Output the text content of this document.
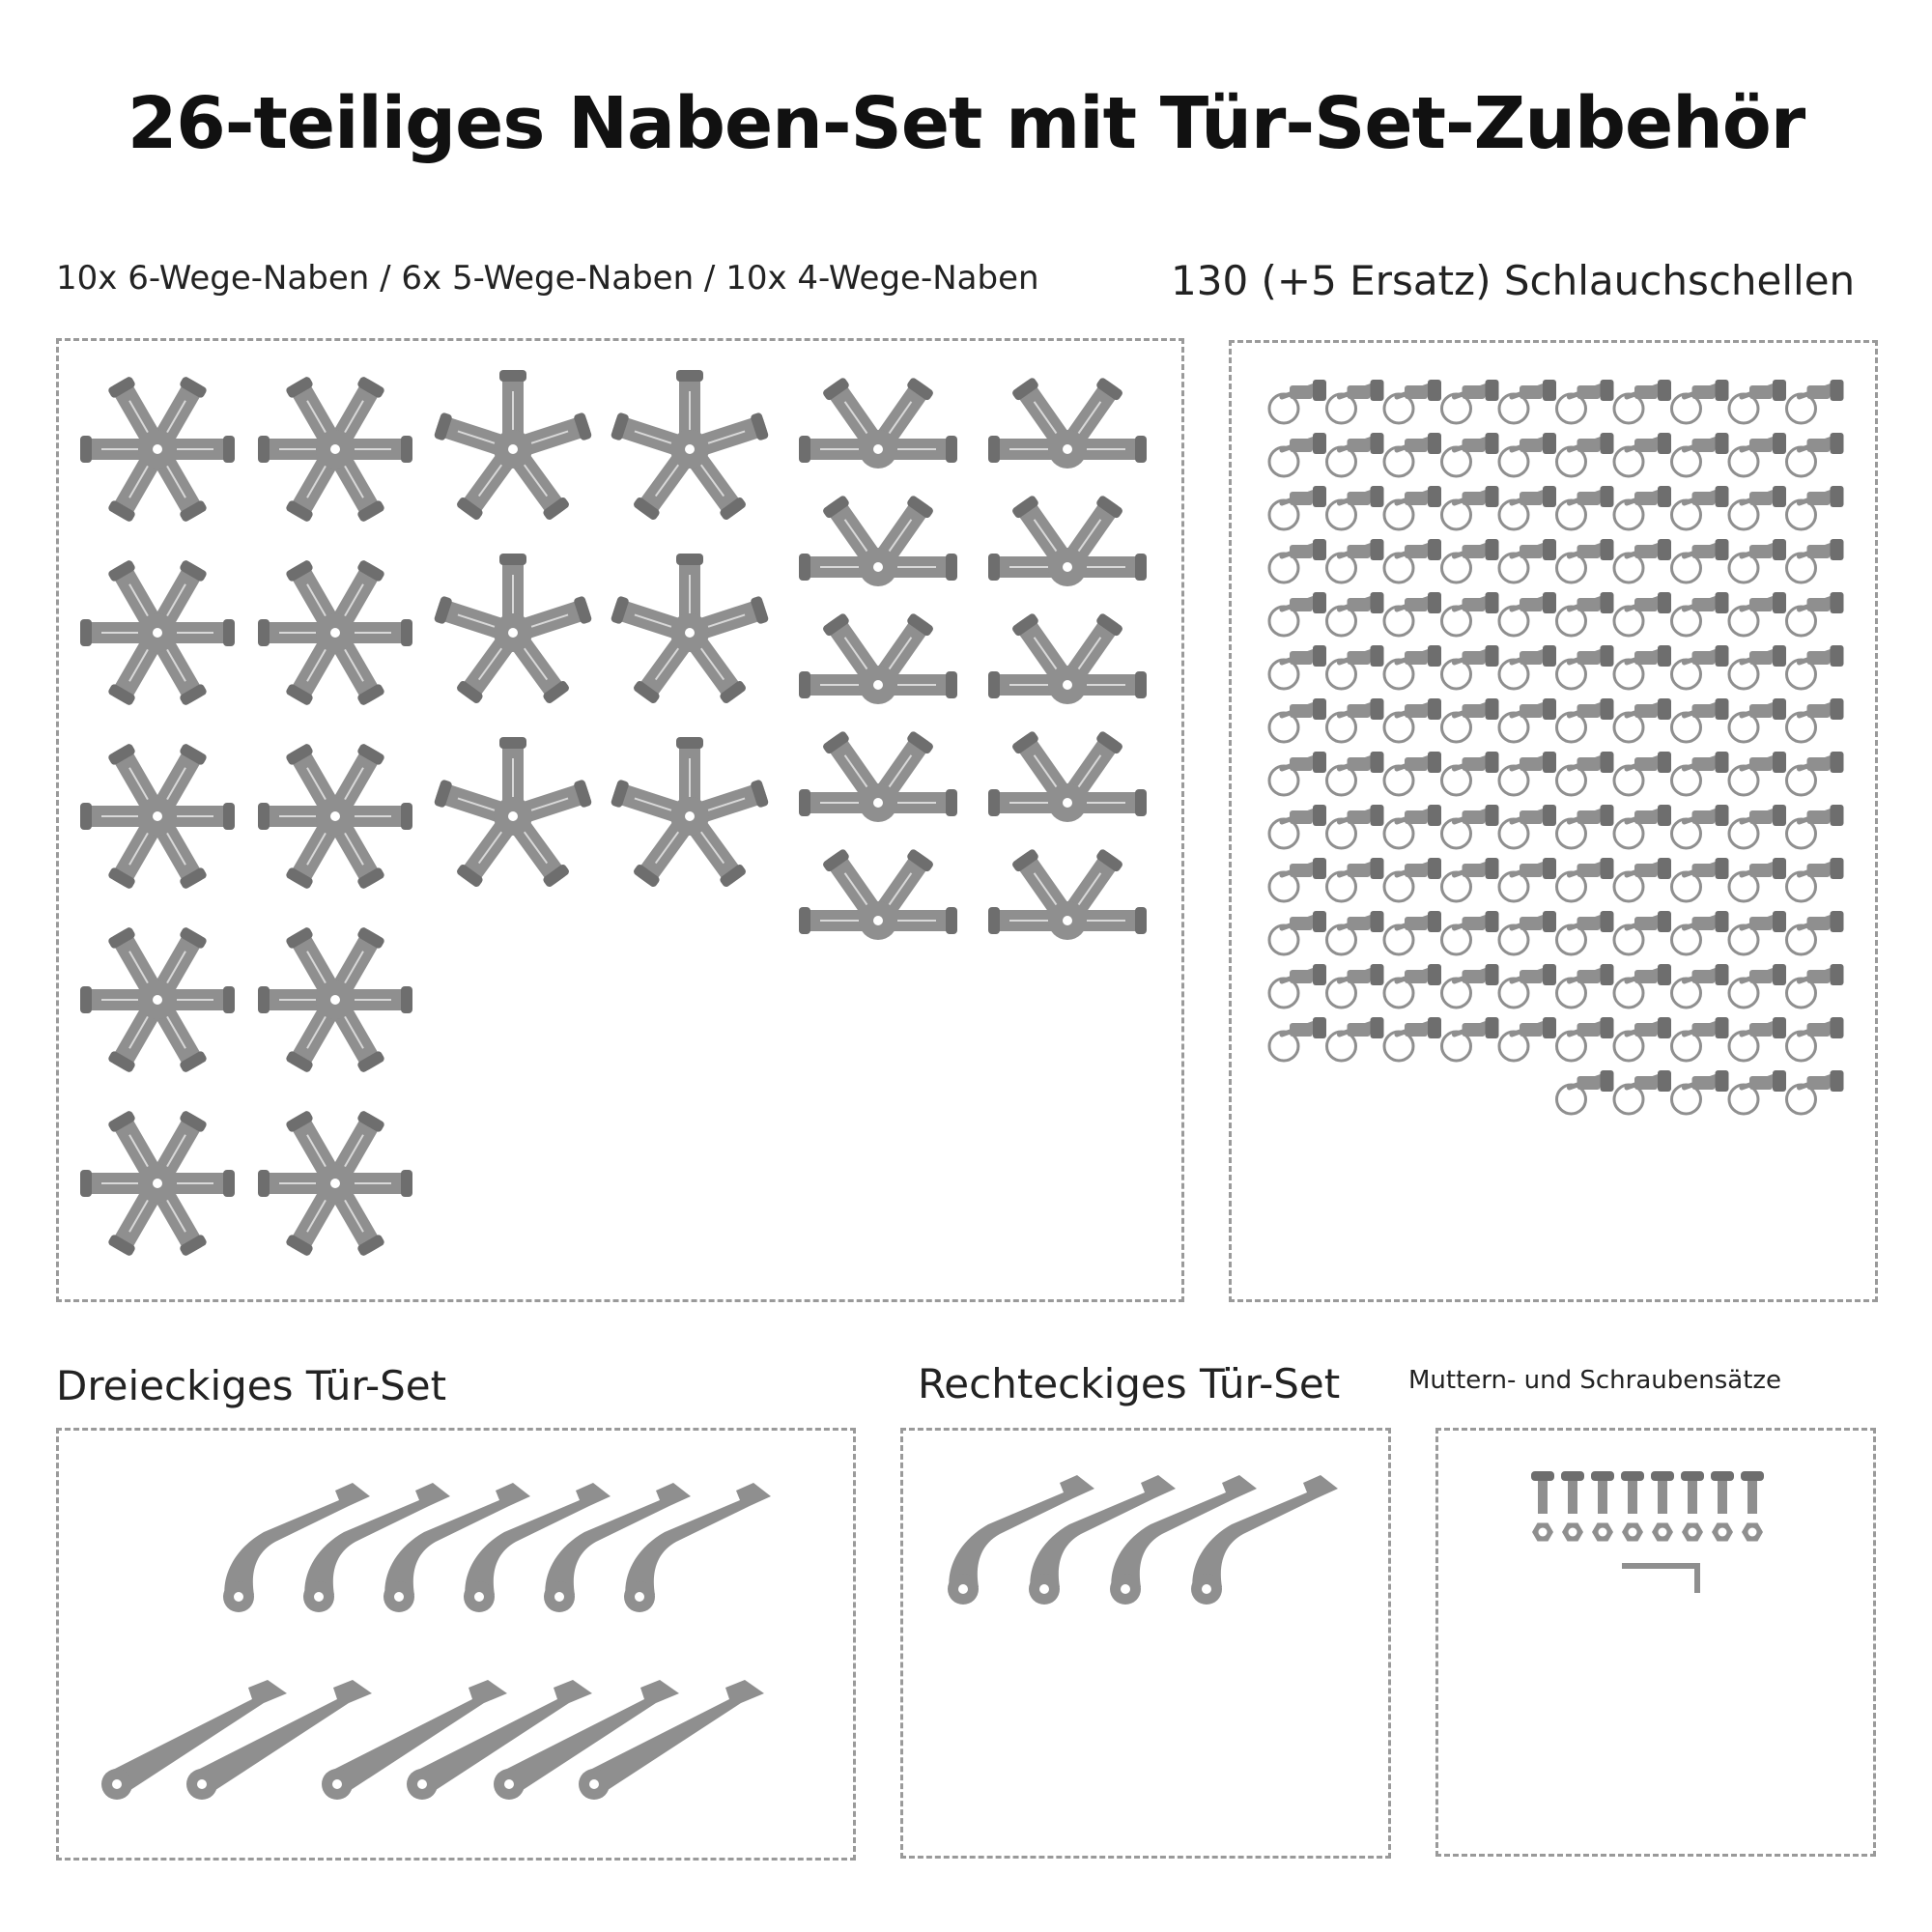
26-teiliges Naben-Set mit Tür-Set-Zubehör
10x 6-Wege-Naben / 6x 5-Wege-Naben / 10x 4-Wege-Naben	130 (+5 Ersatz) Schlauchschellen
Dreieckiges Tür-Set	Rechteckiges Tür-Set	Muttern- und Schraubensätze
